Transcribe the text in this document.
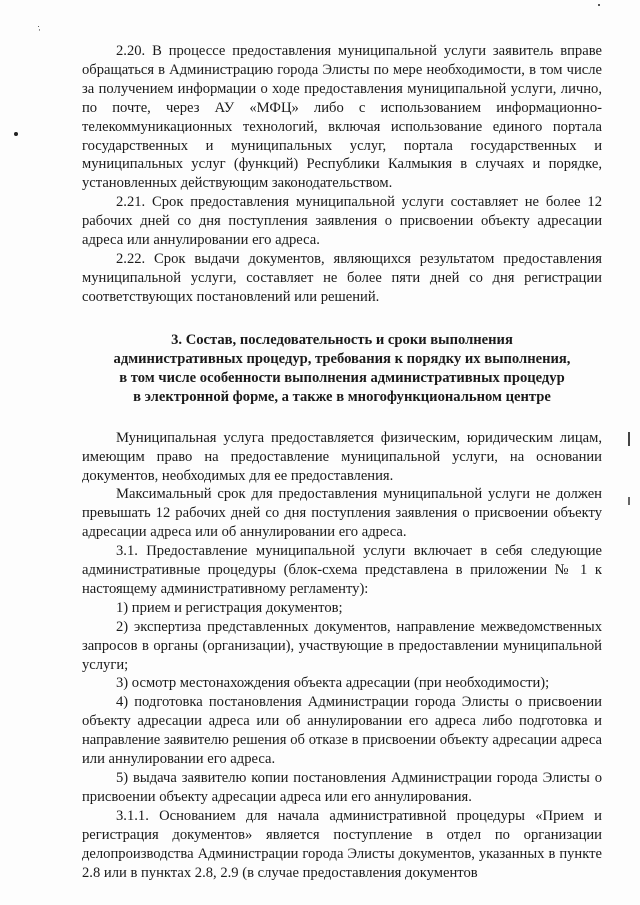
·̇

2.20. В процессе предоставления муниципальной услуги заявитель вправе обращаться в Администрацию города Элисты по мере необходимости, в том числе за получением информации о ходе предоставления муниципальной услуги, лично, по почте, через АУ «МФЦ» либо с использованием информационно-телекоммуникационных технологий, включая использование единого портала государственных и муниципальных услуг, портала государственных и муниципальных услуг (функций) Республики Калмыкия в случаях и порядке, установленных действующим законодательством.

2.21. Срок предоставления муниципальной услуги составляет не более 12 рабочих дней со дня поступления заявления о присвоении объекту адресации адреса или аннулировании его адреса.

2.22. Срок выдачи документов, являющихся результатом предоставления муниципальной услуги, составляет не более пяти дней со дня регистрации соответствующих постановлений или решений.

3. Состав, последовательность и сроки выполнения
административных процедур, требования к порядку их выполнения,
в том числе особенности выполнения административных процедур
в электронной форме, а также в многофункциональном центре

Муниципальная услуга предоставляется физическим, юридическим лицам, имеющим право на предоставление муниципальной услуги, на основании документов, необходимых для ее предоставления.

Максимальный срок для предоставления муниципальной услуги не должен превышать 12 рабочих дней со дня поступления заявления о присвоении объекту адресации адреса или об аннулировании его адреса.

3.1. Предоставление муниципальной услуги включает в себя следующие административные процедуры (блок-схема представлена в приложении № 1 к настоящему административному регламенту):

1) прием и регистрация документов;

2) экспертиза представленных документов, направление межведомственных запросов в органы (организации), участвующие в предоставлении муниципальной услуги;

3) осмотр местонахождения объекта адресации (при необходимости);

4) подготовка постановления Администрации города Элисты о присвоении объекту адресации адреса или об аннулировании его адреса либо подготовка и направление заявителю решения об отказе в присвоении объекту адресации адреса или аннулировании его адреса.

5) выдача заявителю копии постановления Администрации города Элисты о присвоении объекту адресации адреса или его аннулирования.

3.1.1. Основанием для начала административной процедуры «Прием и регистрация документов» является поступление в отдел по организации делопроизводства Администрации города Элисты документов, указанных в пункте 2.8 или в пунктах 2.8, 2.9 (в случае предоставления документов
